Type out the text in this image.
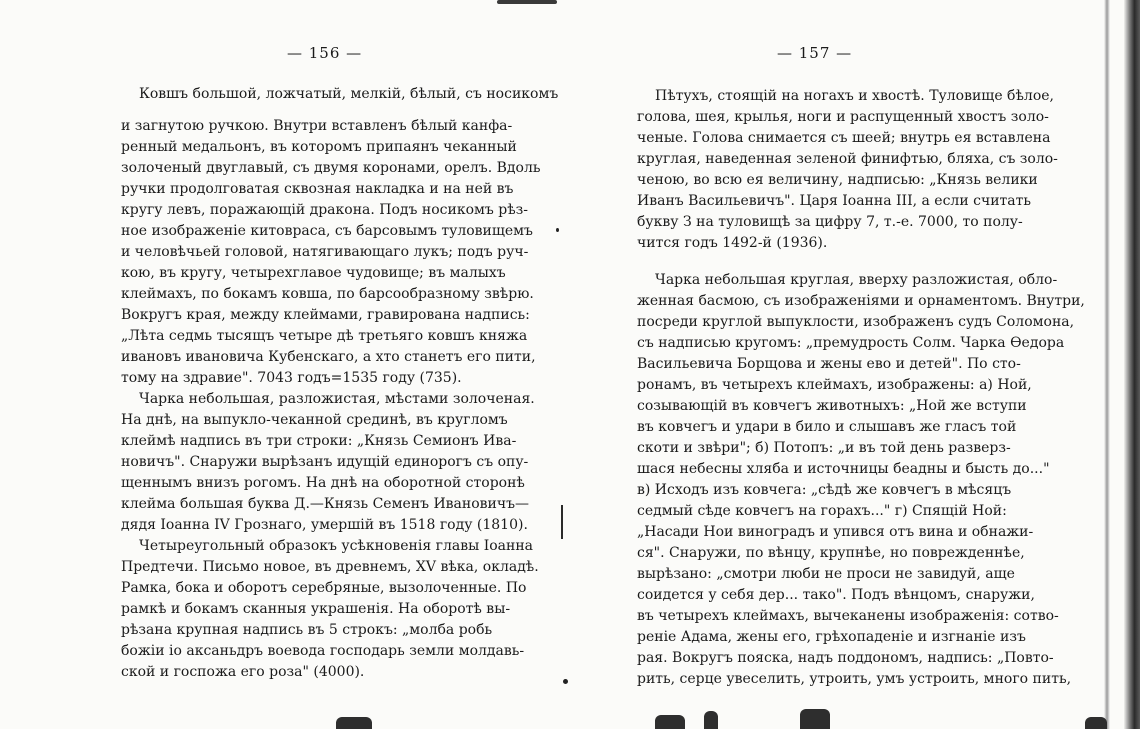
— 156 —
Ковшъ большой, ложчатый, мелкій, бѣлый, съ носикомъ
и загнутою ручкою. Внутри вставленъ бѣлый канфа-
ренный медальонъ, въ которомъ припаянъ чеканный
золоченый двуглавый, съ двумя коронами, орелъ. Вдоль
ручки продолговатая сквозная накладка и на ней въ
кругу левъ, поражающій дракона. Подъ носикомъ рѣз-
ное изображеніе китовраса, съ барсовымъ туловищемъ
и человѣчьей головой, натягивающаго лукъ; подъ руч-
кою, въ кругу, четырехглавое чудовище; въ малыхъ
клеймахъ, по бокамъ ковша, по барсообразному звѣрю.
Вокругъ края, между клеймами, гравирована надпись:
„Лѣта седмь тысящъ четыре дѣ третьяго ковшъ княжа
ивановъ ивановича Кубенскаго, а хто станетъ его пити,
тому на здравие". 7043 годъ=1535 году (735).
Чарка небольшая, разложистая, мѣстами золоченая.
На днѣ, на выпукло-чеканной срединѣ, въ кругломъ
клеймѣ надпись въ три строки: „Князь Семионъ Ива-
новичъ". Снаружи вырѣзанъ идущій единорогъ съ опу-
щеннымъ внизъ рогомъ. На днѣ на оборотной сторонѣ
клейма большая буква Д.—Князь Семенъ Ивановичъ—
дядя Іоанна IV Грознаго, умершій въ 1518 году (1810).
Четыреугольный образокъ усѣкновенія главы Іоанна
Предтечи. Письмо новое, въ древнемъ, XV вѣка, окладѣ.
Рамка, бока и оборотъ серебряные, вызолоченные. По
рамкѣ и бокамъ сканныя украшенія. На оборотѣ вы-
рѣзана крупная надпись въ 5 строкъ: „молба робь
божіи іо аксаньдръ воевода господарь земли молдавь-
ской и госпожа его роза" (4000).
— 157 —
Пѣтухъ, стоящій на ногахъ и хвостѣ. Туловище бѣлое,
голова, шея, крылья, ноги и распущенный хвостъ золо-
ченые. Голова снимается съ шеей; внутрь ея вставлена
круглая, наведенная зеленой финифтью, бляха, съ золо-
ченою, во всю ея величину, надписью: „Князь велики
Иванъ Васильевичъ". Царя Іоанна III, а если считать
букву З на туловищѣ за цифру 7, т.-е. 7000, то полу-
чится годъ 1492-й (1936).
Чарка небольшая круглая, вверху разложистая, обло-
женная басмою, съ изображеніями и орнаментомъ. Внутри,
посреди круглой выпуклости, изображенъ судъ Соломона,
съ надписью кругомъ: „премудрость Солм. Чарка Ѳедора
Васильевича Борщова и жены ево и детей". По сто-
ронамъ, въ четырехъ клеймахъ, изображены: а) Ной,
созывающій въ ковчегъ животныхъ: „Ной же вступи
въ ковчегъ и удари в било и слышавъ же гласъ той
скоти и звѣри"; б) Потопъ: „и въ той день разверз-
шася небесны хляба и источницы беадны и бысть до..."
в) Исходъ изъ ковчега: „сѣдѣ же ковчегъ в мѣсяцъ
седмый сѣде ковчегъ на горахъ..." г) Спящій Ной:
„Насади Нои виноградъ и упився отъ вина и обнажи-
ся". Снаружи, по вѣнцу, крупнѣе, но поврежденнѣе,
вырѣзано: „смотри люби не проси не завидуй, аще
соидется у себя дер... тако". Подъ вѣнцомъ, снаружи,
въ четырехъ клеймахъ, вычеканены изображенія: сотво-
реніе Адама, жены его, грѣхопаденіе и изгнаніе изъ
рая. Вокругъ пояска, надъ поддономъ, надпись: „Повто-
рить, серце увеселить, утроить, умъ устроить, много пить,
